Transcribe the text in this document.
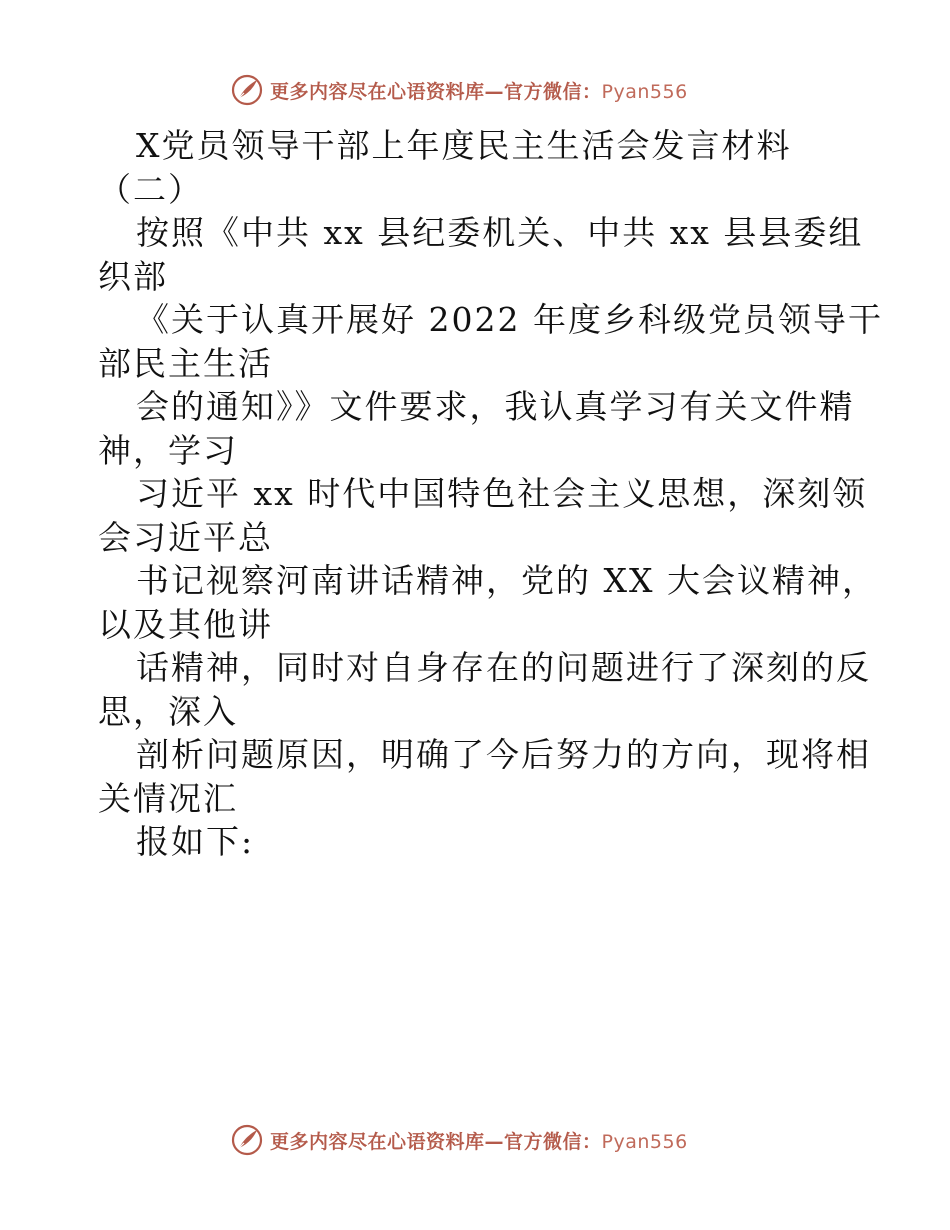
更多内容尽在心语资料库—官方微信：Pyan556
X党员领导干部上年度民主生活会发言材料
（二）
按照《中共 xx 县纪委机关、中共 xx 县县委组
织部
《关于认真开展好 2022 年度乡科级党员领导干
部民主生活
会的通知》》文件要求，我认真学习有关文件精
神，学习
习近平 xx 时代中国特色社会主义思想，深刻领
会习近平总
书记视察河南讲话精神，党的 XX 大会议精神，
以及其他讲
话精神，同时对自身存在的问题进行了深刻的反
思，深入
剖析问题原因，明确了今后努力的方向，现将相
关情况汇
报如下:
更多内容尽在心语资料库—官方微信：Pyan556
